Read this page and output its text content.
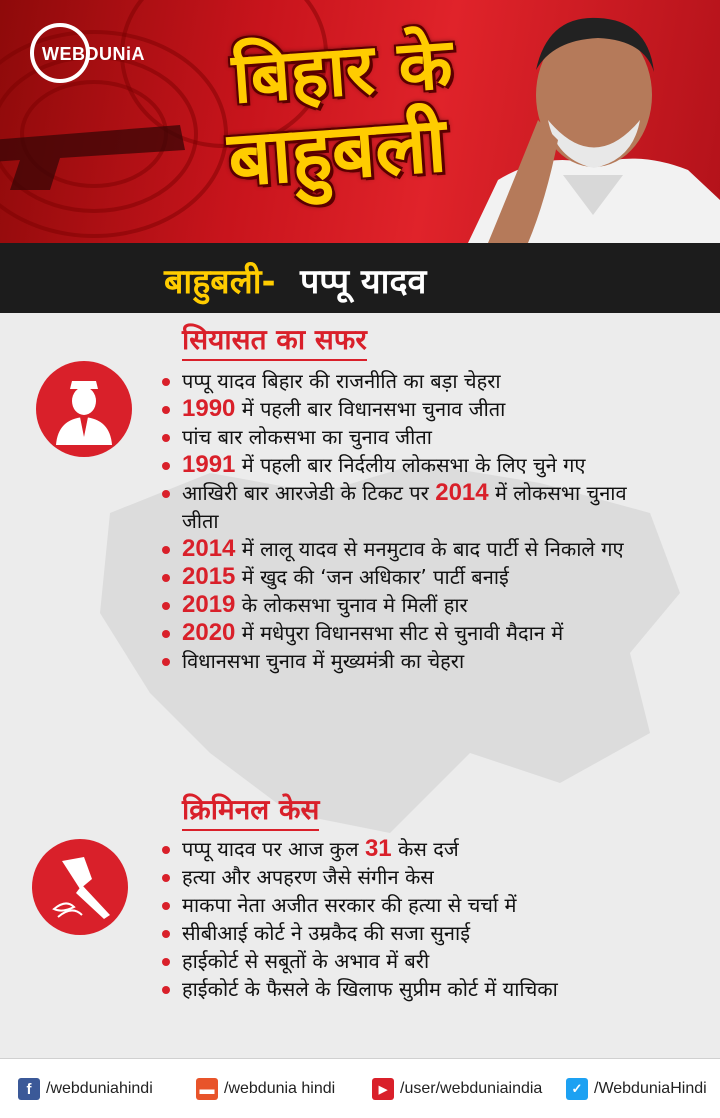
WEBDUNiA बिहार के
बाहुबली
बाहुबली- पप्पू यादव
सियासत का सफर
पप्पू यादव बिहार की राजनीति का बड़ा चेहरा
1990 में पहली बार विधानसभा चुनाव जीता
पांच बार लोकसभा का चुनाव जीता
1991 में पहली बार निर्दलीय लोकसभा के लिए चुने गए
आखिरी बार आरजेडी के टिकट पर 2014 में लोकसभा चुनाव जीता
2014 में लालू यादव से मनमुटाव के बाद पार्टी से निकाले गए
2015 में खुद की ‘जन अधिकार’ पार्टी बनाई
2019 के लोकसभा चुनाव मे मिलीं हार
2020 में मधेपुरा विधानसभा सीट से चुनावी मैदान में
विधानसभा चुनाव में मुख्यमंत्री का चेहरा
क्रिमिनल केस
पप्पू यादव पर आज कुल 31 केस दर्ज
हत्या और अपहरण जैसे संगीन केस
माकपा नेता अजीत सरकार की हत्या से चर्चा में
सीबीआई कोर्ट ने उम्रकैद की सजा सुनाई
हाईकोर्ट से सबूतों के अभाव में बरी
हाईकोर्ट के फैसले के खिलाफ सुप्रीम कोर्ट में याचिका
f /webduniahindi	▬ /webdunia hindi	▶ /user/webduniaindia	✓ /WebduniaHindi
